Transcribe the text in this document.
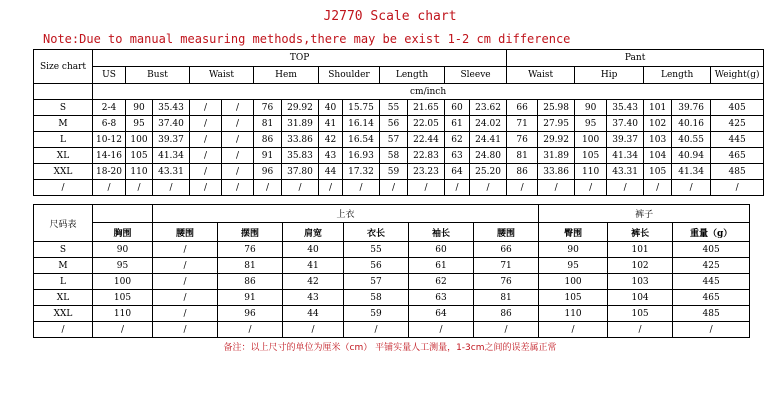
J2770 Scale chart
Note:Due to manual measuring methods,there may be exist 1-2 cm difference
Size chart	TOP													Pant						
	US	Bust		Waist		Hem		Shoulder		Length		Sleeve		Waist		Hip		Length		Weight(g)
	cm/inch																			
S	2-4	90	35.43	/	/	76	29.92	40	15.75	55	21.65	60	23.62	66	25.98	90	35.43	101	39.76	405
M	6-8	95	37.40	/	/	81	31.89	41	16.14	56	22.05	61	24.02	71	27.95	95	37.40	102	40.16	425
L	10-12	100	39.37	/	/	86	33.86	42	16.54	57	22.44	62	24.41	76	29.92	100	39.37	103	40.55	445
XL	14-16	105	41.34	/	/	91	35.83	43	16.93	58	22.83	63	24.80	81	31.89	105	41.34	104	40.94	465
XXL	18-20	110	43.31	/	/	96	37.80	44	17.32	59	23.23	64	25.20	86	33.86	110	43.31	105	41.34	485
/	/	/	/	/	/	/	/	/	/	/	/	/	/	/	/	/	/	/	/	/
尺码表		上衣						裤子		
	胸围	腰围	摆围	肩宽	衣长	袖长	腰围	臀围	裤长	重量（g）
S	90	/	76	40	55	60	66	90	101	405
M	95	/	81	41	56	61	71	95	102	425
L	100	/	86	42	57	62	76	100	103	445
XL	105	/	91	43	58	63	81	105	104	465
XXL	110	/	96	44	59	64	86	110	105	485
/	/	/	/	/	/	/	/	/	/	/
备注：以上尺寸的单位为厘米（cm） 平铺实量人工测量，1-3cm之间的误差属正常
